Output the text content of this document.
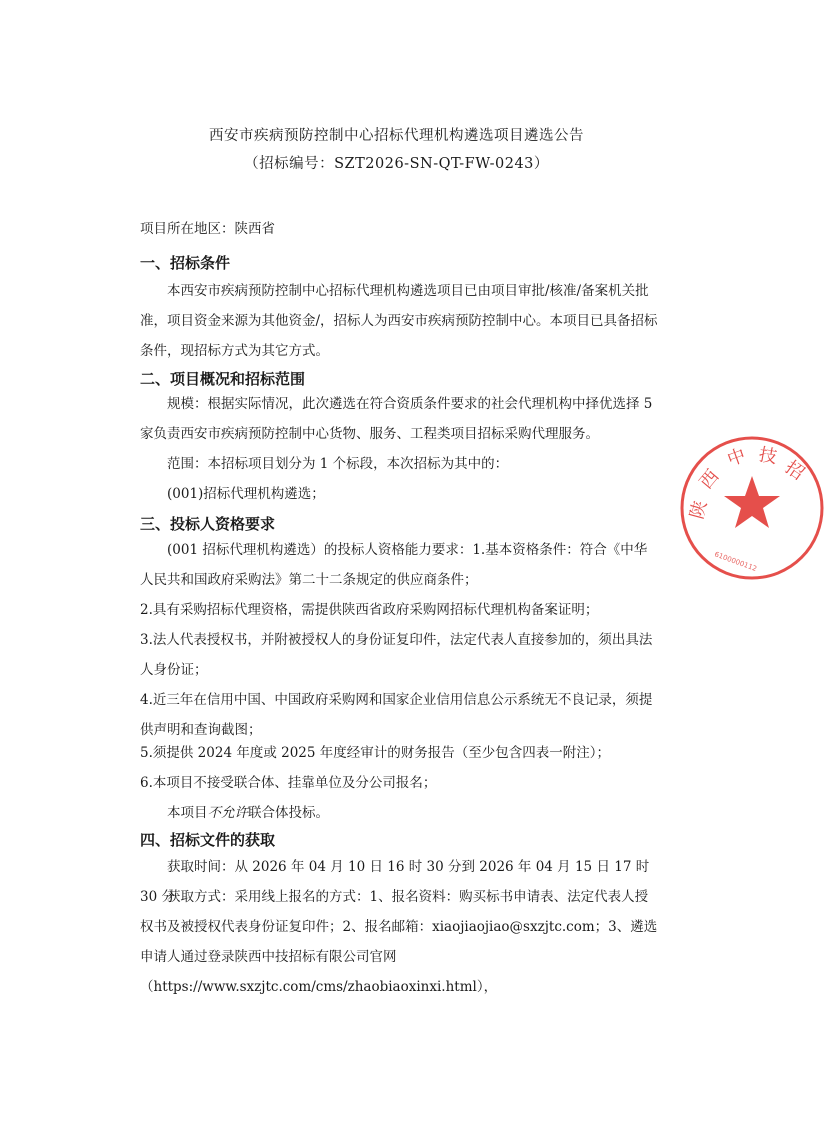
西安市疾病预防控制中心招标代理机构遴选项目遴选公告
（招标编号：SZT2026-SN-QT-FW-0243）

项目所在地区：陕西省

一、招标条件

本西安市疾病预防控制中心招标代理机构遴选项目已由项目审批/核准/备案机关批准，项目资金来源为其他资金/，招标人为西安市疾病预防控制中心。本项目已具备招标条件，现招标方式为其它方式。

二、项目概况和招标范围

规模：根据实际情况，此次遴选在符合资质条件要求的社会代理机构中择优选择 5 家负责西安市疾病预防控制中心货物、服务、工程类项目招标采购代理服务。

范围：本招标项目划分为 1 个标段，本次招标为其中的：

(001)招标代理机构遴选；

三、投标人资格要求

(001 招标代理机构遴选）的投标人资格能力要求：1.基本资格条件：符合《中华人民共和国政府采购法》第二十二条规定的供应商条件；

2.具有采购招标代理资格，需提供陕西省政府采购网招标代理机构备案证明；

3.法人代表授权书，并附被授权人的身份证复印件，法定代表人直接参加的，须出具法人身份证；

4.近三年在信用中国、中国政府采购网和国家企业信用信息公示系统无不良记录，须提供声明和查询截图；

5.须提供 2024 年度或 2025 年度经审计的财务报告（至少包含四表一附注）；

6.本项目不接受联合体、挂靠单位及分公司报名；

本项目不允许联合体投标。

四、招标文件的获取

获取时间：从 2026 年 04 月 10 日 16 时 30 分到 2026 年 04 月 15 日 17 时 30 分

获取方式：采用线上报名的方式：1、报名资料：购买标书申请表、法定代表人授权书及被授权代表身份证复印件；2、报名邮箱：xiaojiaojiao@sxzjtc.com；3、遴选申请人通过登录陕西中技招标有限公司官网（https://www.sxzjtc.com/cms/zhaobiaoxinxi.html），

陕
西
中 技
招
6100000112
